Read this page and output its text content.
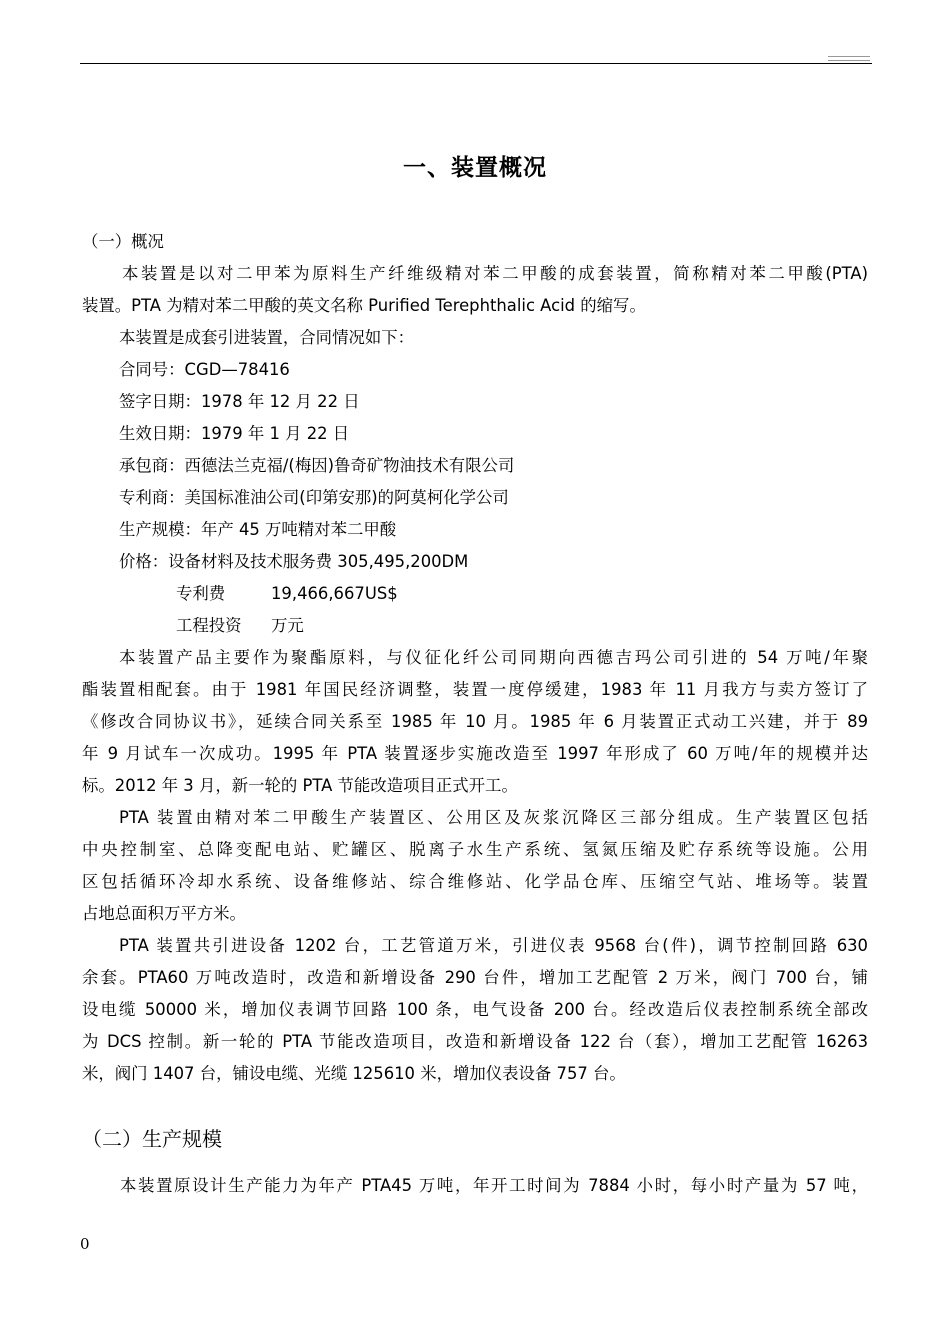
一、装置概况
（一）概况
本装置是以对二甲苯为原料生产纤维级精对苯二甲酸的成套装置，简称精对苯二甲酸(PTA)
装置。PTA 为精对苯二甲酸的英文名称 Purified Terephthalic Acid 的缩写。
本装置是成套引进装置，合同情况如下：
合同号：CGD—78416
签字日期：1978 年 12 月 22 日
生效日期：1979 年 1 月 22 日
承包商：西德法兰克福/(梅因)鲁奇矿物油技术有限公司
专利商：美国标准油公司(印第安那)的阿莫柯化学公司
生产规模：年产 45 万吨精对苯二甲酸
价格：设备材料及技术服务费 305,495,200DM
专利费	19,466,667US$
工程投资 万元
本装置产品主要作为聚酯原料，与仪征化纤公司同期向西德吉玛公司引进的 54 万吨/年聚
酯装置相配套。由于 1981 年国民经济调整，装置一度停缓建，1983 年 11 月我方与卖方签订了
《修改合同协议书》，延续合同关系至 1985 年 10 月。1985 年 6 月装置正式动工兴建，并于 89
年 9 月试车一次成功。1995 年 PTA 装置逐步实施改造至 1997 年形成了 60 万吨/年的规模并达
标。2012 年 3 月，新一轮的 PTA 节能改造项目正式开工。
PTA 装置由精对苯二甲酸生产装置区、公用区及灰浆沉降区三部分组成。生产装置区包括
中央控制室、总降变配电站、贮罐区、脱离子水生产系统、氢氮压缩及贮存系统等设施。公用
区包括循环冷却水系统、设备维修站、综合维修站、化学品仓库、压缩空气站、堆场等。装置
占地总面积万平方米。
PTA 装置共引进设备 1202 台，工艺管道万米，引进仪表 9568 台(件)，调节控制回路 630
余套。PTA60 万吨改造时，改造和新增设备 290 台件，增加工艺配管 2 万米，阀门 700 台，铺
设电缆 50000 米，增加仪表调节回路 100 条，电气设备 200 台。经改造后仪表控制系统全部改
为 DCS 控制。新一轮的 PTA 节能改造项目，改造和新增设备 122 台（套），增加工艺配管 16263
米，阀门 1407 台，铺设电缆、光缆 125610 米，增加仪表设备 757 台。
（二）生产规模
本装置原设计生产能力为年产 PTA45 万吨，年开工时间为 7884 小时，每小时产量为 57 吨，
0
